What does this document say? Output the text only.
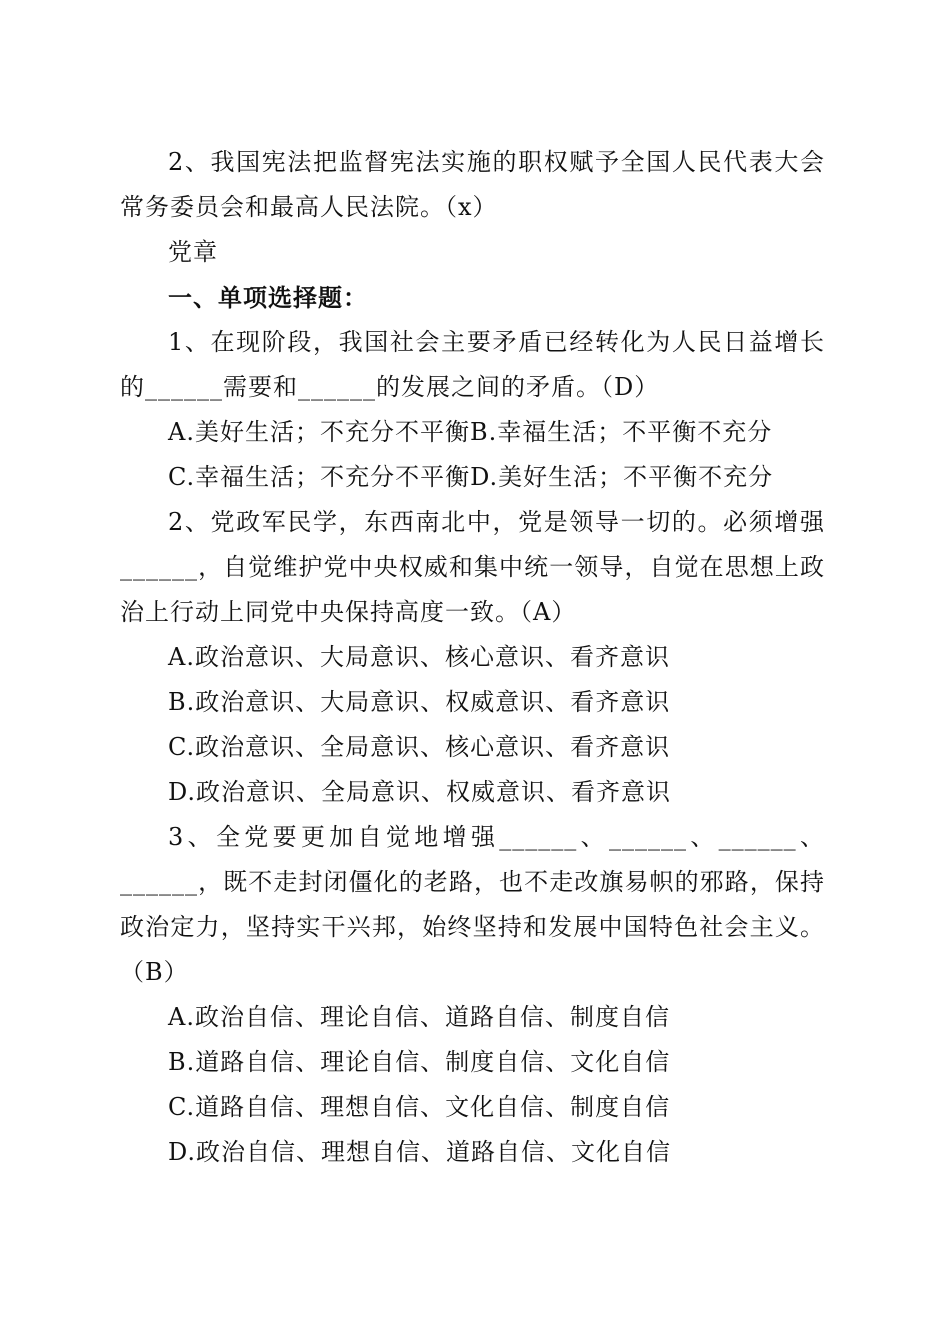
2、我国宪法把监督宪法实施的职权赋予全国人民代表大会常务委员会和最高人民法院。（x）

党章

一、单项选择题：

1、在现阶段，我国社会主要矛盾已经转化为人民日益增长的______需要和______的发展之间的矛盾。（D）

A.美好生活；不充分不平衡B.幸福生活；不平衡不充分

C.幸福生活；不充分不平衡D.美好生活；不平衡不充分

2、党政军民学，东西南北中，党是领导一切的。必须增强______，自觉维护党中央权威和集中统一领导，自觉在思想上政治上行动上同党中央保持高度一致。（A）

A.政治意识、大局意识、核心意识、看齐意识

B.政治意识、大局意识、权威意识、看齐意识

C.政治意识、全局意识、核心意识、看齐意识

D.政治意识、全局意识、权威意识、看齐意识

3、全党要更加自觉地增强______、______、______、______，既不走封闭僵化的老路，也不走改旗易帜的邪路，保持政治定力，坚持实干兴邦，始终坚持和发展中国特色社会主义。（B）

A.政治自信、理论自信、道路自信、制度自信

B.道路自信、理论自信、制度自信、文化自信

C.道路自信、理想自信、文化自信、制度自信

D.政治自信、理想自信、道路自信、文化自信
